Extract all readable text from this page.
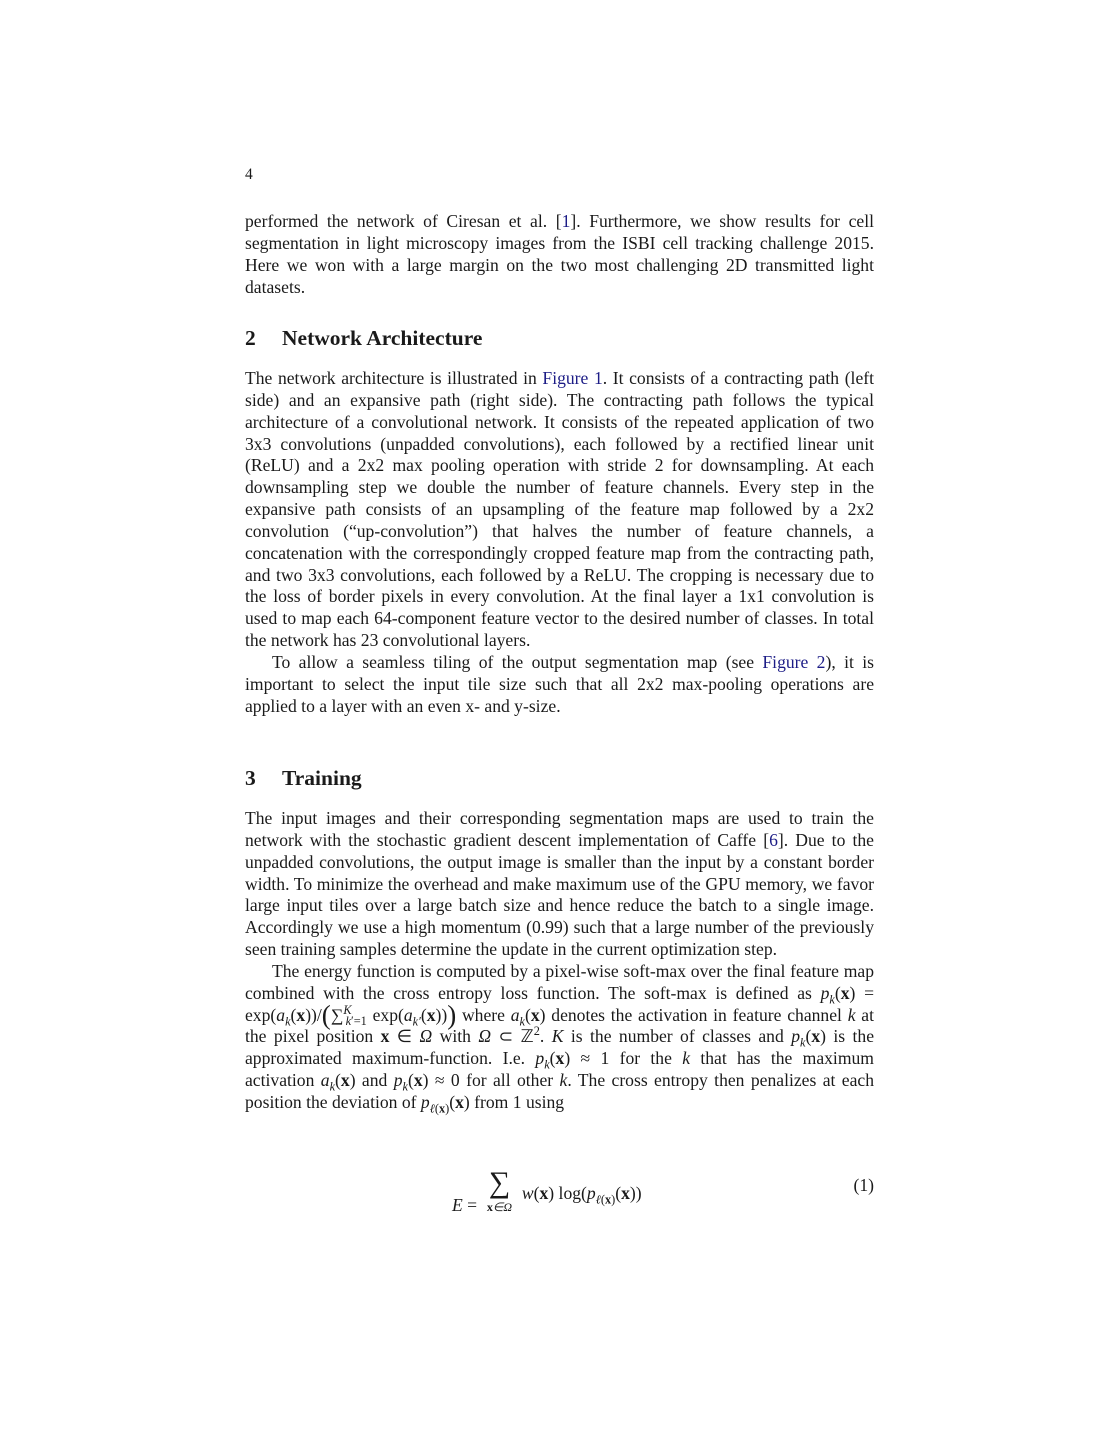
4

performed the network of Ciresan et al. [1]. Furthermore, we show results for cell segmentation in light microscopy images from the ISBI cell tracking challenge 2015. Here we won with a large margin on the two most challenging 2D transmitted light datasets.

2 Network Architecture

The network architecture is illustrated in Figure 1. It consists of a contracting path (left side) and an expansive path (right side). The contracting path follows the typical architecture of a convolutional network. It consists of the repeated application of two 3x3 convolutions (unpadded convolutions), each followed by a rectified linear unit (ReLU) and a 2x2 max pooling operation with stride 2 for downsampling. At each downsampling step we double the number of feature channels. Every step in the expansive path consists of an upsampling of the feature map followed by a 2x2 convolution (“up-convolution”) that halves the number of feature channels, a concatenation with the correspondingly cropped feature map from the contracting path, and two 3x3 convolutions, each followed by a ReLU. The cropping is necessary due to the loss of border pixels in every convolution. At the final layer a 1x1 convolution is used to map each 64-component feature vector to the desired number of classes. In total the network has 23 convolutional layers.

To allow a seamless tiling of the output segmentation map (see Figure 2), it is important to select the input tile size such that all 2x2 max-pooling operations are applied to a layer with an even x- and y-size.

3 Training

The input images and their corresponding segmentation maps are used to train the network with the stochastic gradient descent implementation of Caffe [6]. Due to the unpadded convolutions, the output image is smaller than the input by a constant border width. To minimize the overhead and make maximum use of the GPU memory, we favor large input tiles over a large batch size and hence reduce the batch to a single image. Accordingly we use a high momentum (0.99) such that a large number of the previously seen training samples determine the update in the current optimization step.

The energy function is computed by a pixel-wise soft-max over the final feature map combined with the cross entropy loss function. The soft-max is defined as $p_k(x) = \exp(a_k(x))/(\sum^K_{k'=1}$ $\exp(a_{k'}(x))$) where $a_k(x)$ denotes the activation in feature channel k at the pixel position x ∈ Ω with Ω ⊂ ℤ$^2$. K is the number of classes and $p_k(x)$ is the approximated maximum-function. I.e. $p_k(x) \approx 1$ for the k that has the maximum activation $a_k(x)$ and $p_k(x) \approx 0$ for all other k. The cross entropy then penalizes at each position the deviation of $p_{\ell(x)}(x)$ from 1 using

E =
∑
x∈Ω
w(x) $\log(p_{\ell(x)}(x))$	(1)
